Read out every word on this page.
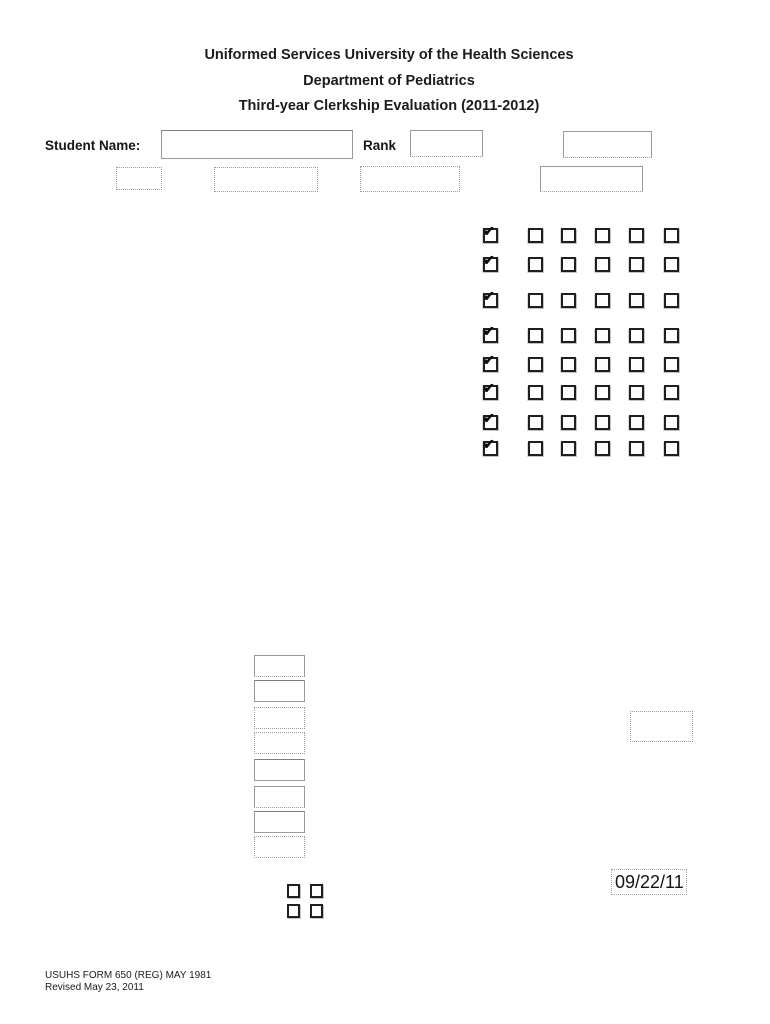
Uniformed Services University of the Health Sciences
Department of Pediatrics
Third-year Clerkship Evaluation (2011-2012)
Student Name:	Rank
✔
✔
✔
✔
✔
✔
✔
✔
09/22/11
USUHS FORM 650 (REG) MAY 1981
Revised May 23, 2011
